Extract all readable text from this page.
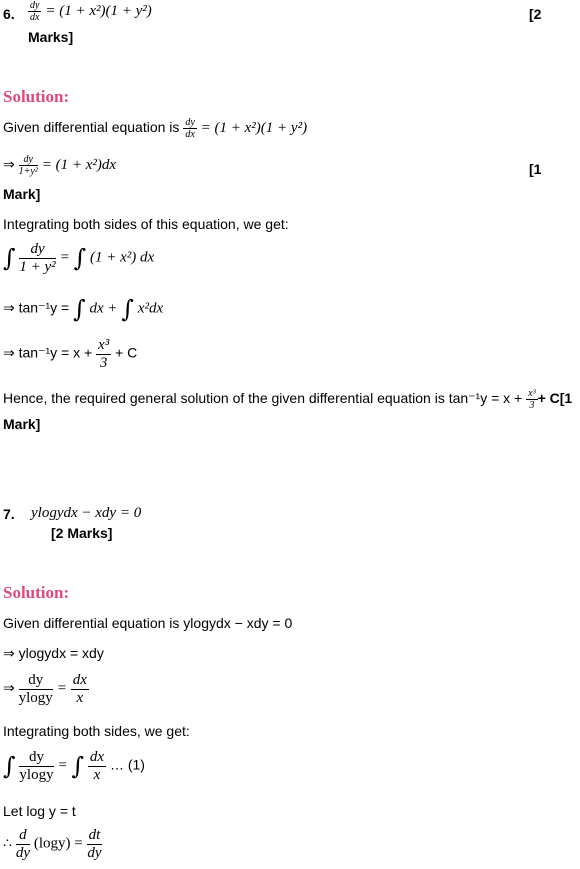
6. $\frac{dy}{dx} = (1 + x^2)(1 + y^2)$	[2
Marks]
Solution:
Given differential equation is $\frac{dy}{dx} = (1 + x^2)(1 + y^2)$
⇒ $\frac{dy}{\text{1+y²}} = (1 + x^2)dx$	[1
Mark]
Integrating both sides of this equation, we get:
∫ $\frac{dy}{\text{1 + y²}}$ = ∫ (1 + x²) dx
⇒ tan⁻¹y = ∫ dx + ∫ x²dx
⇒ $\tan^{-1}y = x + \frac{\text{x³}}{3} + C$
Hence, the required general solution of the given differential equation is $\tan^{-1}y = x + \frac{\text{x³}}{3} + C[1$
Mark]
7. ylogydx − xdy = 0
[2 Marks]
Solution:
Given differential equation is ylogydx − xdy = 0
⇒ ylogydx = xdy
⇒ $\frac{dy}{ylogy} = \frac{dx}{x}$
Integrating both sides, we get:
∫ $\frac{dy}{ylogy}$ = ∫ $\frac{dx}{x}$ … (1)
Let log y = t
∴ $\frac{d}{dy} (\log y) = \frac{dt}{dy}$
